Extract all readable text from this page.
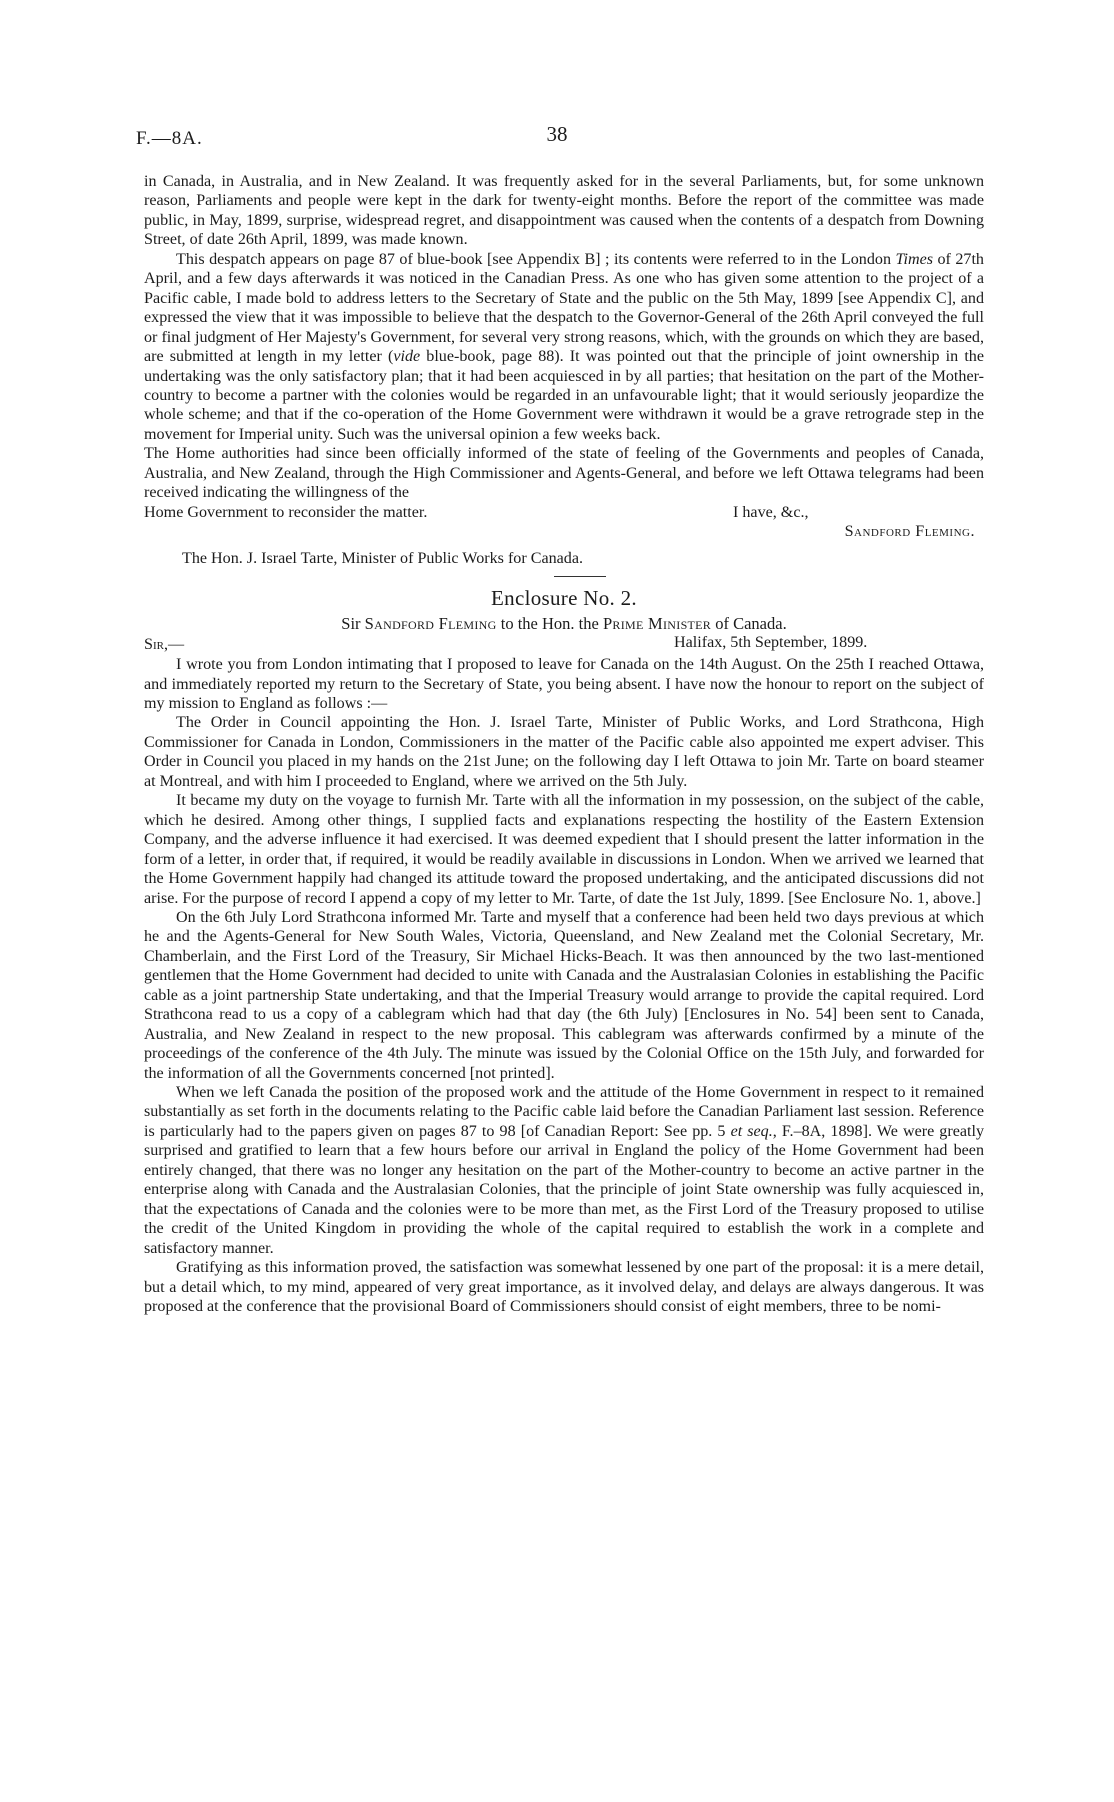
F.—8A.	38

in Canada, in Australia, and in New Zealand. It was frequently asked for in the several Parliaments, but, for some unknown reason, Parliaments and people were kept in the dark for twenty-eight months. Before the report of the committee was made public, in May, 1899, surprise, widespread regret, and disappointment was caused when the contents of a despatch from Downing Street, of date 26th April, 1899, was made known.

This despatch appears on page 87 of blue-book [see Appendix B] ; its contents were referred to in the London Times of 27th April, and a few days afterwards it was noticed in the Canadian Press. As one who has given some attention to the project of a Pacific cable, I made bold to address letters to the Secretary of State and the public on the 5th May, 1899 [see Appendix C], and expressed the view that it was impossible to believe that the despatch to the Governor-General of the 26th April conveyed the full or final judgment of Her Majesty's Government, for several very strong reasons, which, with the grounds on which they are based, are submitted at length in my letter (vide blue-book, page 88). It was pointed out that the principle of joint ownership in the undertaking was the only satisfactory plan; that it had been acquiesced in by all parties; that hesitation on the part of the Mother-country to become a partner with the colonies would be regarded in an unfavourable light; that it would seriously jeopardize the whole scheme; and that if the co-operation of the Home Government were withdrawn it would be a grave retrograde step in the movement for Imperial unity. Such was the universal opinion a few weeks back.

The Home authorities had since been officially informed of the state of feeling of the Governments and peoples of Canada, Australia, and New Zealand, through the High Commissioner and Agents-General, and before we left Ottawa telegrams had been received indicating the willingness of the

Home Government to reconsider the matter.	I have, &c.,
Sandford Fleming.
The Hon. J. Israel Tarte, Minister of Public Works for Canada.
Enclosure No. 2.
Sir Sandford Fleming to the Hon. the Prime Minister of Canada.
Sir,—	Halifax, 5th September, 1899.

I wrote you from London intimating that I proposed to leave for Canada on the 14th August. On the 25th I reached Ottawa, and immediately reported my return to the Secretary of State, you being absent. I have now the honour to report on the subject of my mission to England as follows :—

The Order in Council appointing the Hon. J. Israel Tarte, Minister of Public Works, and Lord Strathcona, High Commissioner for Canada in London, Commissioners in the matter of the Pacific cable also appointed me expert adviser. This Order in Council you placed in my hands on the 21st June; on the following day I left Ottawa to join Mr. Tarte on board steamer at Montreal, and with him I proceeded to England, where we arrived on the 5th July.

It became my duty on the voyage to furnish Mr. Tarte with all the information in my possession, on the subject of the cable, which he desired. Among other things, I supplied facts and explanations respecting the hostility of the Eastern Extension Company, and the adverse influence it had exercised. It was deemed expedient that I should present the latter information in the form of a letter, in order that, if required, it would be readily available in discussions in London. When we arrived we learned that the Home Government happily had changed its attitude toward the proposed undertaking, and the anticipated discussions did not arise. For the purpose of record I append a copy of my letter to Mr. Tarte, of date the 1st July, 1899. [See Enclosure No. 1, above.]

On the 6th July Lord Strathcona informed Mr. Tarte and myself that a conference had been held two days previous at which he and the Agents-General for New South Wales, Victoria, Queensland, and New Zealand met the Colonial Secretary, Mr. Chamberlain, and the First Lord of the Treasury, Sir Michael Hicks-Beach. It was then announced by the two last-mentioned gentlemen that the Home Government had decided to unite with Canada and the Australasian Colonies in establishing the Pacific cable as a joint partnership State undertaking, and that the Imperial Treasury would arrange to provide the capital required. Lord Strathcona read to us a copy of a cablegram which had that day (the 6th July) [Enclosures in No. 54] been sent to Canada, Australia, and New Zealand in respect to the new proposal. This cablegram was afterwards confirmed by a minute of the proceedings of the conference of the 4th July. The minute was issued by the Colonial Office on the 15th July, and forwarded for the information of all the Governments concerned [not printed].

When we left Canada the position of the proposed work and the attitude of the Home Government in respect to it remained substantially as set forth in the documents relating to the Pacific cable laid before the Canadian Parliament last session. Reference is particularly had to the papers given on pages 87 to 98 [of Canadian Report: See pp. 5 et seq., F.–8A, 1898]. We were greatly surprised and gratified to learn that a few hours before our arrival in England the policy of the Home Government had been entirely changed, that there was no longer any hesitation on the part of the Mother-country to become an active partner in the enterprise along with Canada and the Australasian Colonies, that the principle of joint State ownership was fully acquiesced in, that the expectations of Canada and the colonies were to be more than met, as the First Lord of the Treasury proposed to utilise the credit of the United Kingdom in providing the whole of the capital required to establish the work in a complete and satisfactory manner.

Gratifying as this information proved, the satisfaction was somewhat lessened by one part of the proposal: it is a mere detail, but a detail which, to my mind, appeared of very great importance, as it involved delay, and delays are always dangerous. It was proposed at the conference that the provisional Board of Commissioners should consist of eight members, three to be nomi-
